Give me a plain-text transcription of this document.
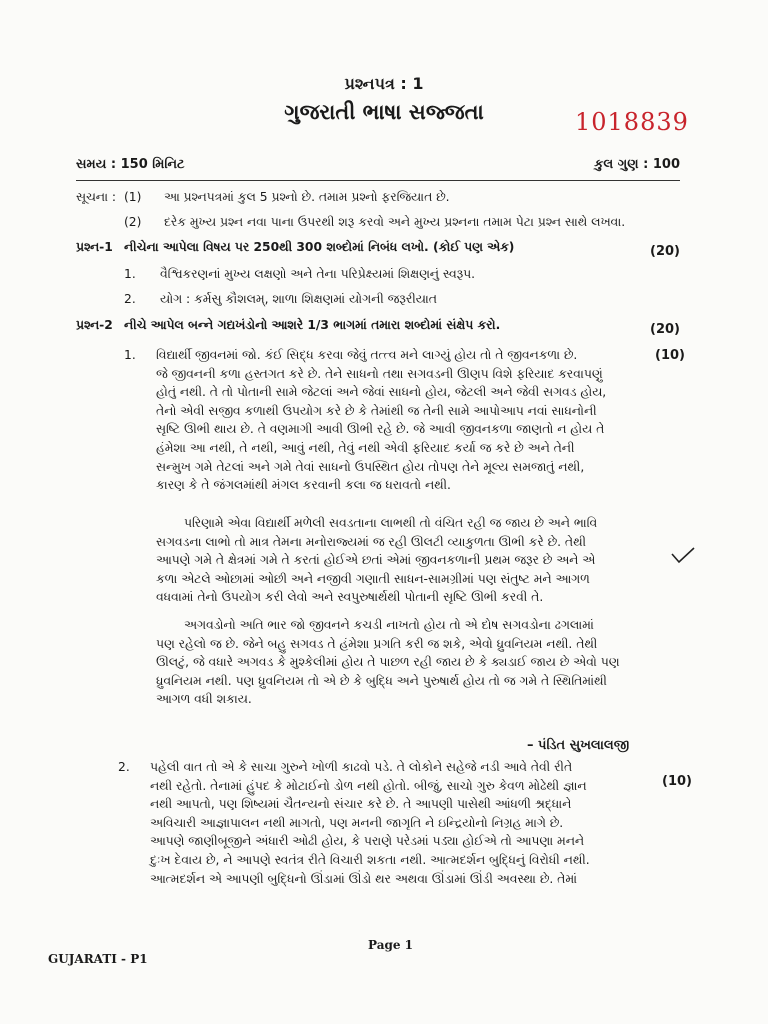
પ્રશ્નપત્ર : 1
ગુજરાતી ભાષા સજ્જતા	1018839
સમય : 150 મિનિટ	કુલ ગુણ : 100
સૂચના : (1) આ પ્રશ્નપત્રમાં કુલ 5 પ્રશ્નો છે. તમામ પ્રશ્નો ફરજિયાત છે.
(2) દરેક મુખ્ય પ્રશ્ન નવા પાના ઉપરથી શરૂ કરવો અને મુખ્ય પ્રશ્નના તમામ પેટા પ્રશ્ન સાથે લખવા.
પ્રશ્ન-1 નીચેના આપેલા વિષય પર 250થી 300 શબ્દોમાં નિબંધ લખો. (કોઈ પણ એક)	(20)
1. વૈશ્વિકરણનાં મુખ્ય લક્ષણો અને તેના પરિપ્રેક્ષ્યમાં શિક્ષણનું સ્વરૂપ.
2. યોગ : કર્મસુ કૌશલમ્, શાળા શિક્ષણમાં યોગની જરૂરીયાત
પ્રશ્ન-2 નીચે આપેલ બન્ને ગદ્યખંડોનો આશરે 1/3 ભાગમાં તમારા શબ્દોમાં સંક્ષેપ કરો.	(20)
1.	(10)
વિદ્યાર્થી જીવનમાં જો. કંઈ સિદ્ધ કરવા જેવું તત્ત્વ મને લાગ્યું હોય તો તે જીવનકળા છે.
જે જીવનની કળા હસ્તગત કરે છે. તેને સાધનો તથા સગવડની ઊણપ વિશે ફરિયાદ કરવાપણું
હોતું નથી. તે તો પોતાની સામે જેટલાં અને જેવાં સાધનો હોય, જેટલી અને જેવી સગવડ હોય,
તેનો એવી સજીવ કળાથી ઉપયોગ કરે છે કે તેમાંથી જ તેની સામે આપોઆપ નવાં સાધનોની
સૃષ્ટિ ઊભી થાય છે. તે વણમાગી આવી ઊભી રહે છે. જે આવી જીવનકળા જાણતો ન હોય તે
હંમેશા આ નથી, તે નથી, આવું નથી, તેવું નથી એવી ફરિયાદ કર્યા જ કરે છે અને તેની
સન્મુખ ગમે તેટલાં અને ગમે તેવાં સાધનો ઉપસ્થિત હોય તોપણ તેને મૂલ્ય સમજાતું નથી,
કારણ કે તે જંગલમાંથી મંગલ કરવાની કલા જ ધરાવતો નથી.
પરિણામે એવા વિદ્યાર્થી મળેલી સવડતાના લાભથી તો વંચિત રહી જ જાય છે અને ભાવિ
સગવડના લાભો તો માત્ર તેમના મનોરાજ્યમાં જ રહી ઊલટી વ્યાકુળતા ઊભી કરે છે. તેથી
આપણે ગમે તે ક્ષેત્રમાં ગમે તે કરતાં હોઈએ છતાં એમાં જીવનકળાની પ્રથમ જરૂર છે અને એ
કળા એટલે ઓછામાં ઓછી અને નજીવી ગણાતી સાધન-સામગ્રીમાં પણ સંતુષ્ટ મને આગળ
વધવામાં તેનો ઉપયોગ કરી લેવો અને સ્વપુરુષાર્થથી પોતાની સૃષ્ટિ ઊભી કરવી તે.
અગવડોનો અતિ ભાર જો જીવનને કચડી નાખતો હોય તો એ દોષ સગવડોના ઢગલામાં
પણ રહેલો જ છે. જેને બહુ સગવડ તે હંમેશા પ્રગતિ કરી જ શકે, એવો ધ્રુવનિયમ નથી. તેથી
ઊલટું, જે વધારે અગવડ કે મુશ્કેલીમાં હોય તે પાછળ રહી જાય છે કે ક્યડાઈ જાય છે એવો પણ
ધ્રુવનિયમ નથી. પણ ધ્રુવનિયમ તો એ છે કે બુદ્ધિ અને પુરુષાર્થ હોય તો જ ગમે તે સ્થિતિમાંથી
આગળ વધી શકાય.
– પંડિત સુખલાલજી
2.
(10)
પહેલી વાત તો એ કે સાચા ગુરુને ખોળી કાઢવો પડે. તે લોકોને સહેજે નડી આવે તેવી રીતે
નથી રહેતો. તેનામાં હુંપદ કે મોટાઈનો ડોળ નથી હોતો. બીજું, સાચો ગુરુ કેવળ મોઢેથી જ્ઞાન
નથી આપતો, પણ શિષ્યમાં ચૈતન્યનો સંચાર કરે છે. તે આપણી પાસેથી આંધળી શ્રદ્ધાને
અવિચારી આજ્ઞાપાલન નથી માગતો, પણ મનની જાગૃતિ ને ઇન્દ્રિયોનો નિગ્રહ માગે છે.
આપણે જાણીબૂજીને અંધારી ઓઢી હોય, કે પરાણે પરેડમાં પડ્યા હોઈએ તો આપણા મનને
દુઃખ દેવાય છે, ને આપણે સ્વતંત્ર રીતે વિચારી શકતા નથી. આત્મદર્શન બુદ્ધિનું વિરોધી નથી.
આત્મદર્શન એ આપણી બુદ્ધિનો ઊંડામાં ઊંડો થર અથવા ઊંડામાં ઊંડી અવસ્થા છે. તેમાં
GUJARATI - P1
Page 1
